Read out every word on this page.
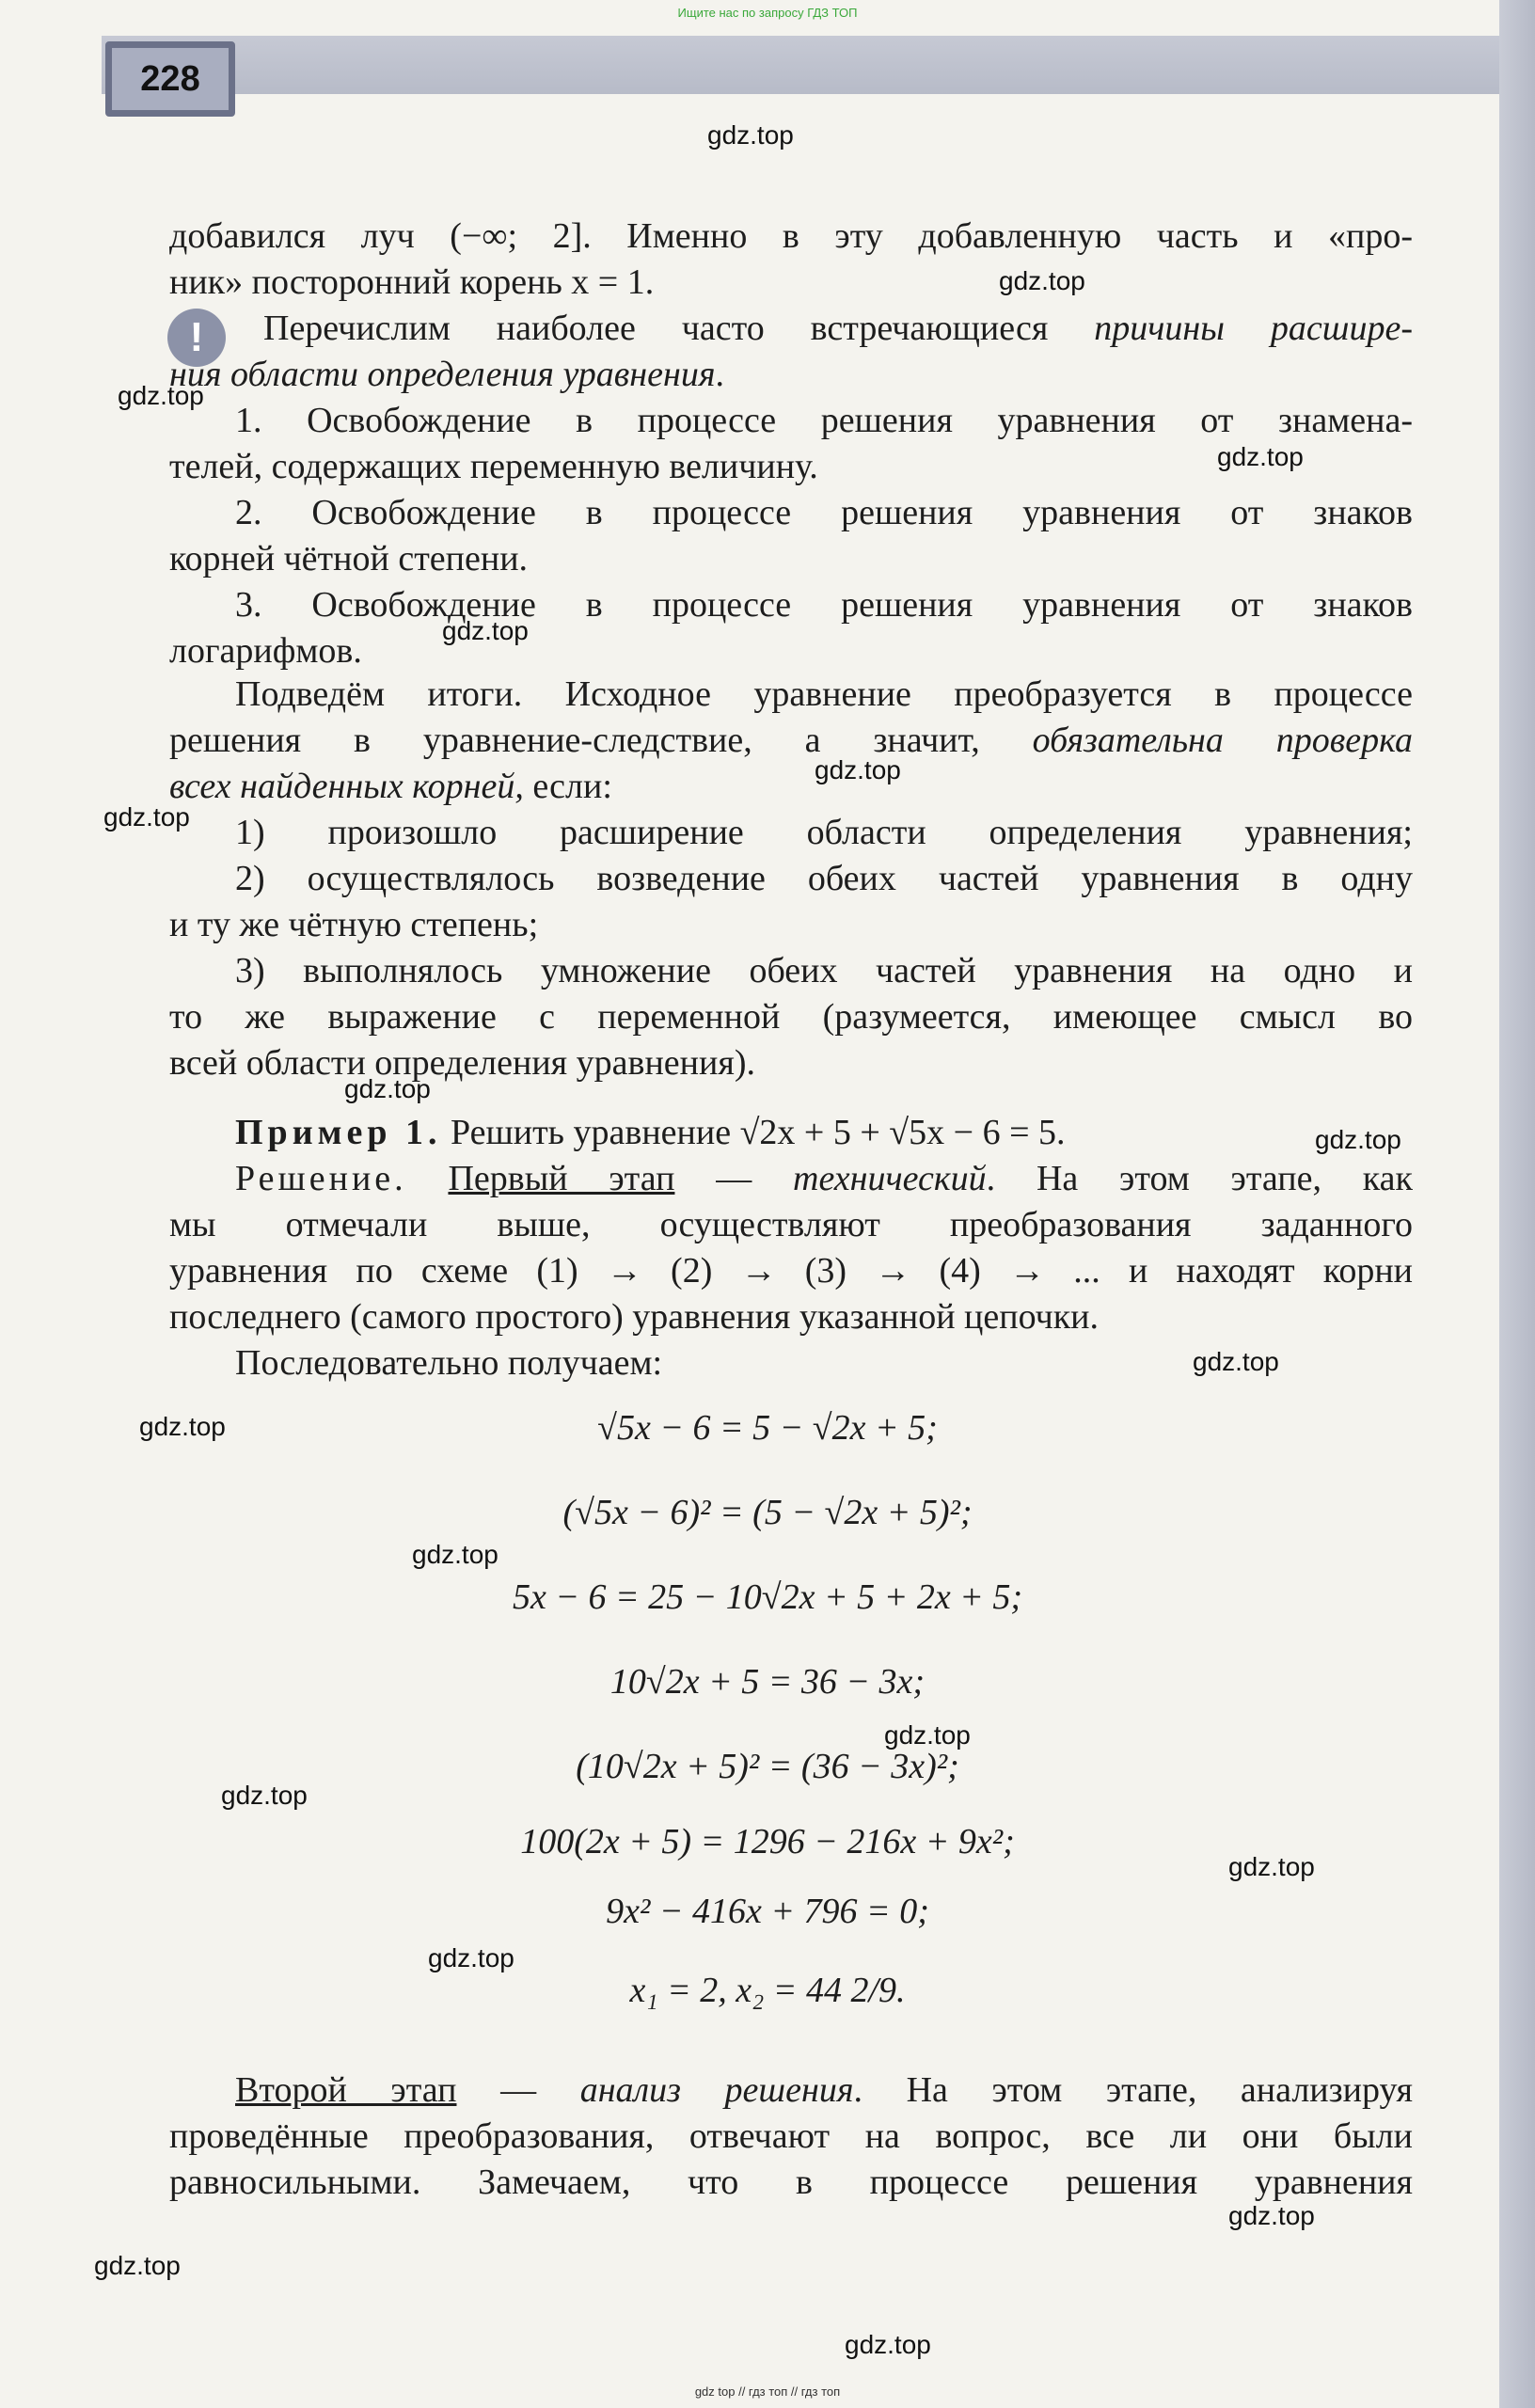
Ищите нас по запросу ГДЗ ТОП
228
gdz.top
gdz.top
gdz.top
gdz.top
gdz.top
gdz.top
gdz.top
gdz.top
gdz.top
gdz.top
gdz.top
gdz.top
gdz.top
gdz.top
gdz.top
gdz.top
gdz.top
gdz.top
gdz.top

добавился луч (−∞; 2]. Именно в эту добавленную часть и «про-

ник» посторонний корень x = 1.

!	Перечислим наиболее часто встречающиеся причины расшире-

ния области определения уравнения.

1. Освобождение в процессе решения уравнения от знамена-

телей, содержащих переменную величину.

2. Освобождение в процессе решения уравнения от знаков

корней чётной степени.

3. Освобождение в процессе решения уравнения от знаков

логарифмов.

Подведём итоги. Исходное уравнение преобразуется в процессе

решения в уравнение-следствие, а значит, обязательна проверка

всех найденных корней, если:

1) произошло расширение области определения уравнения;

2) осуществлялось возведение обеих частей уравнения в одну

и ту же чётную степень;

3) выполнялось умножение обеих частей уравнения на одно и

то же выражение с переменной (разумеется, имеющее смысл во

всей области определения уравнения).

Пример 1. Решить уравнение √2x + 5 + √5x − 6 = 5.

Решение. Первый этап — технический. На этом этапе, как

мы отмечали выше, осуществляют преобразования заданного

уравнения по схеме (1) → (2) → (3) → (4) → ... и находят корни

последнего (самого простого) уравнения указанной цепочки.

Последовательно получаем:

√5x − 6 = 5 − √2x + 5;
(√5x − 6)² = (5 − √2x + 5)²;
5x − 6 = 25 − 10√2x + 5 + 2x + 5;
10√2x + 5 = 36 − 3x;
(10√2x + 5)² = (36 − 3x)²;
100(2x + 5) = 1296 − 216x + 9x²;
9x² − 416x + 796 = 0;
x₁ = 2, x₂ = 44 2/9.

Второй этап — анализ решения. На этом этапе, анализируя

проведённые преобразования, отвечают на вопрос, все ли они были

равносильными. Замечаем, что в процессе решения уравнения

gdz top // гдз топ // гдз топ
